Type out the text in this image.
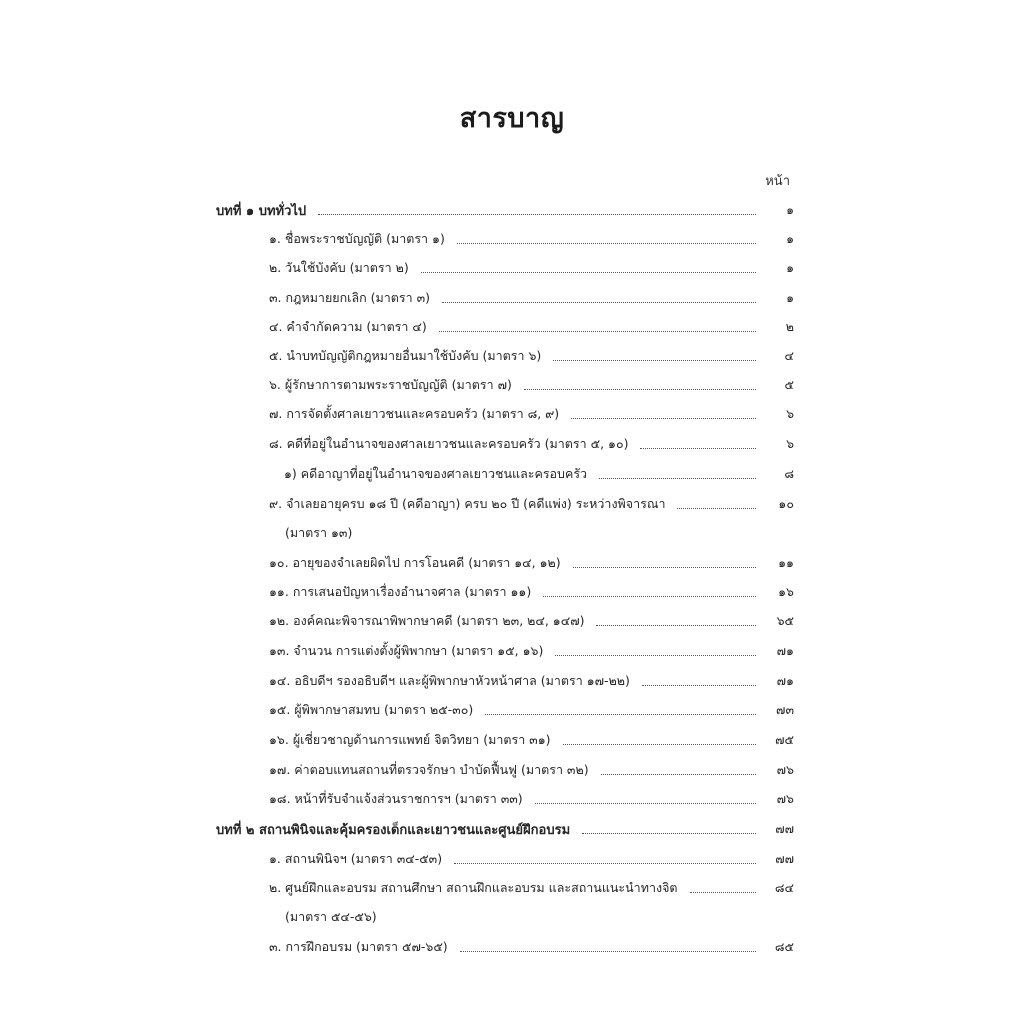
สารบาญ
หน้า
บทที่ ๑ บททั่วไป	๑
๑. ชื่อพระราชบัญญัติ (มาตรา ๑)	๑
๒. วันใช้บังคับ (มาตรา ๒)	๑
๓. กฎหมายยกเลิก (มาตรา ๓)	๑
๔. คำจำกัดความ (มาตรา ๔)	๒
๕. นำบทบัญญัติกฎหมายอื่นมาใช้บังคับ (มาตรา ๖)	๔
๖. ผู้รักษาการตามพระราชบัญญัติ (มาตรา ๗)	๕
๗. การจัดตั้งศาลเยาวชนและครอบครัว (มาตรา ๘, ๙)	๖
๘. คดีที่อยู่ในอำนาจของศาลเยาวชนและครอบครัว (มาตรา ๕, ๑๐)	๖
๑) คดีอาญาที่อยู่ในอำนาจของศาลเยาวชนและครอบครัว	๘
๙. จำเลยอายุครบ ๑๘ ปี (คดีอาญา) ครบ ๒๐ ปี (คดีแพ่ง) ระหว่างพิจารณา	๑๐
(มาตรา ๑๓)
๑๐. อายุของจำเลยผิดไป การโอนคดี (มาตรา ๑๔, ๑๒)	๑๑
๑๑. การเสนอปัญหาเรื่องอำนาจศาล (มาตรา ๑๑)	๑๖
๑๒. องค์คณะพิจารณาพิพากษาคดี (มาตรา ๒๓, ๒๔, ๑๔๗)	๖๕
๑๓. จำนวน การแต่งตั้งผู้พิพากษา (มาตรา ๑๕, ๑๖)	๗๑
๑๔. อธิบดีฯ รองอธิบดีฯ และผู้พิพากษาหัวหน้าศาล (มาตรา ๑๗-๒๒)	๗๑
๑๕. ผู้พิพากษาสมทบ (มาตรา ๒๕-๓๐)	๗๓
๑๖. ผู้เชี่ยวชาญด้านการแพทย์ จิตวิทยา (มาตรา ๓๑)	๗๕
๑๗. ค่าตอบแทนสถานที่ตรวจรักษา บำบัดฟื้นฟู (มาตรา ๓๒)	๗๖
๑๘. หน้าที่รับจำแจ้งส่วนราชการฯ (มาตรา ๓๓)	๗๖
บทที่ ๒ สถานพินิจและคุ้มครองเด็กและเยาวชนและศูนย์ฝึกอบรม	๗๗
๑. สถานพินิจฯ (มาตรา ๓๔-๕๓)	๗๗
๒. ศูนย์ฝึกและอบรม สถานศึกษา สถานฝึกและอบรม และสถานแนะนำทางจิต	๘๔
(มาตรา ๕๔-๕๖)
๓. การฝึกอบรม (มาตรา ๕๗-๖๕)	๘๕
